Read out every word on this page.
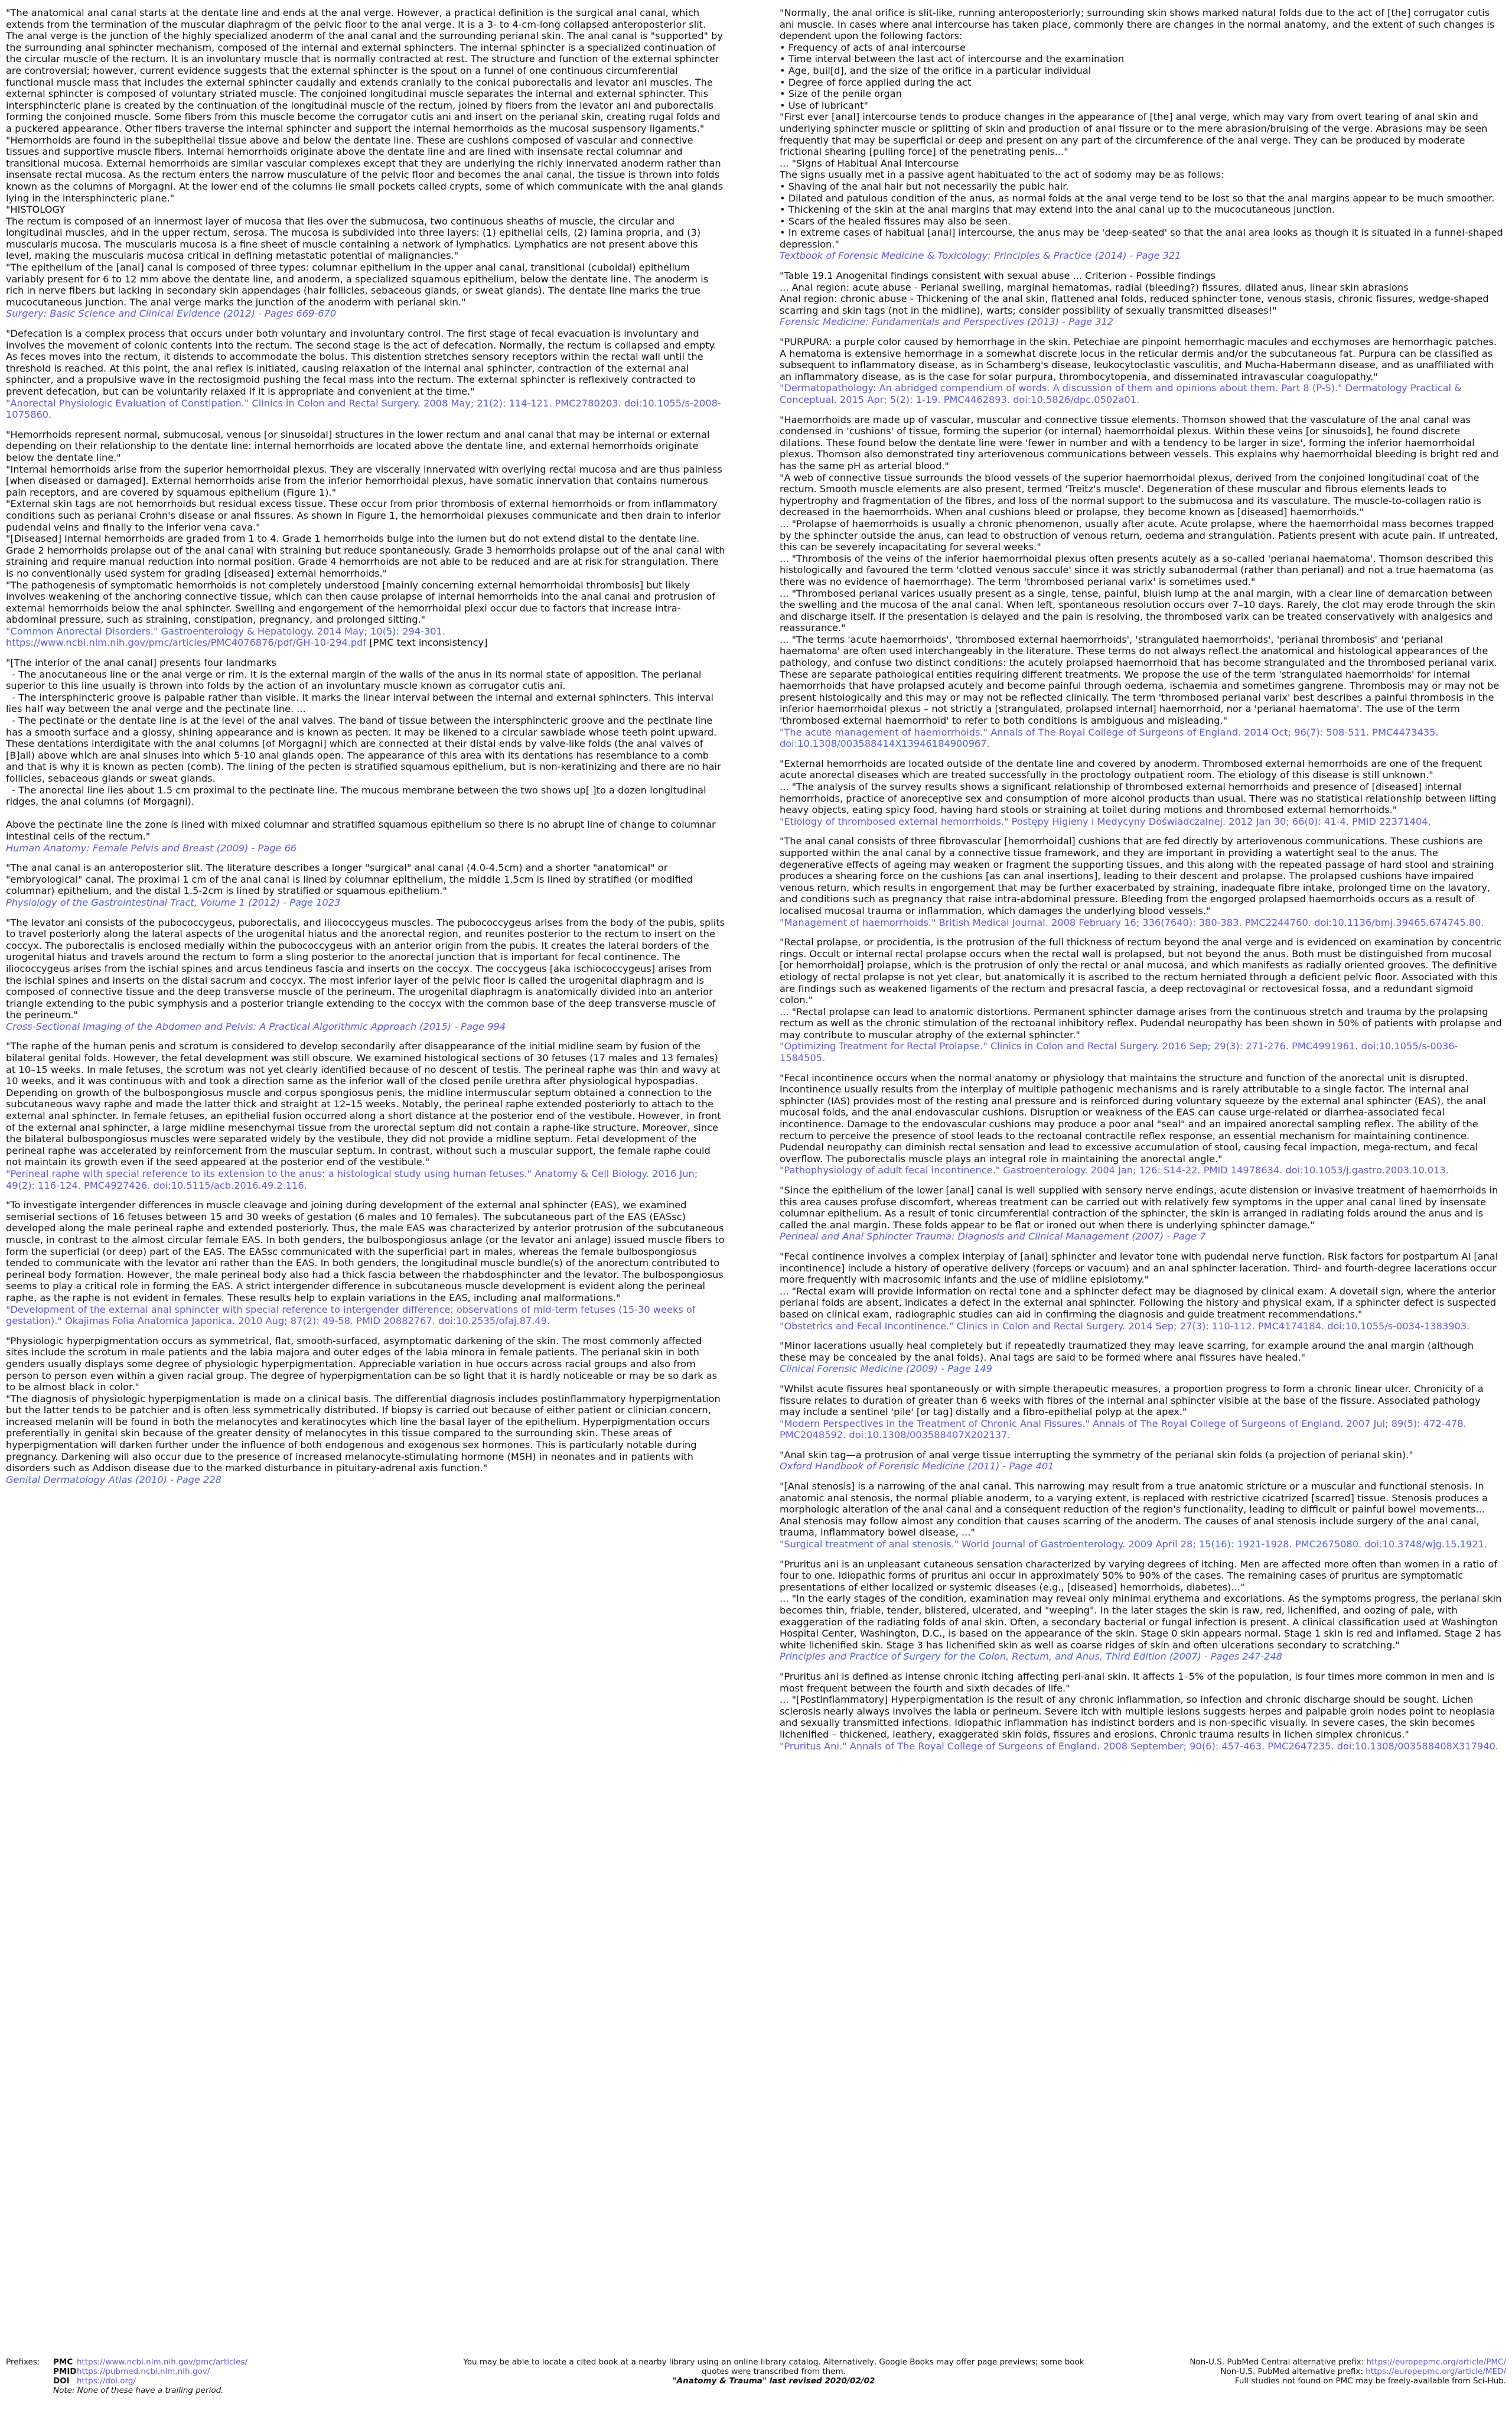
"The anatomical anal canal starts at the dentate line and ends at the anal verge. However, a practical definition is the surgical anal canal, which extends from the termination of the muscular diaphragm of the pelvic floor to the anal verge. It is a 3- to 4-cm-long collapsed anteroposterior slit. The anal verge is the junction of the highly specialized anoderm of the anal canal and the surrounding perianal skin. The anal canal is "supported" by the surrounding anal sphincter mechanism, composed of the internal and external sphincters. The internal sphincter is a specialized continuation of the circular muscle of the rectum. It is an involuntary muscle that is normally contracted at rest. The structure and function of the external sphincter are controversial; however, current evidence suggests that the external sphincter is the spout on a funnel of one continuous circumferential functional muscle mass that includes the external sphincter caudally and extends cranially to the conical puborectalis and levator ani muscles. The external sphincter is composed of voluntary striated muscle. The conjoined longitudinal muscle separates the internal and external sphincter. This intersphincteric plane is created by the continuation of the longitudinal muscle of the rectum, joined by fibers from the levator ani and puborectalis forming the conjoined muscle. Some fibers from this muscle become the corrugator cutis ani and insert on the perianal skin, creating rugal folds and a puckered appearance. Other fibers traverse the internal sphincter and support the internal hemorrhoids as the mucosal suspensory ligaments."
"Hemorrhoids are found in the subepithelial tissue above and below the dentate line. These are cushions composed of vascular and connective tissues and supportive muscle fibers. Internal hemorrhoids originate above the dentate line and are lined with insensate rectal columnar and transitional mucosa. External hemorrhoids are similar vascular complexes except that they are underlying the richly innervated anoderm rather than insensate rectal mucosa. As the rectum enters the narrow musculature of the pelvic floor and becomes the anal canal, the tissue is thrown into folds known as the columns of Morgagni. At the lower end of the columns lie small pockets called crypts, some of which communicate with the anal glands lying in the intersphincteric plane."
"HISTOLOGY
The rectum is composed of an innermost layer of mucosa that lies over the submucosa, two continuous sheaths of muscle, the circular and longitudinal muscles, and in the upper rectum, serosa. The mucosa is subdivided into three layers: (1) epithelial cells, (2) lamina propria, and (3) muscularis mucosa. The muscularis mucosa is a fine sheet of muscle containing a network of lymphatics. Lymphatics are not present above this level, making the muscularis mucosa critical in defining metastatic potential of malignancies."
"The epithelium of the [anal] canal is composed of three types: columnar epithelium in the upper anal canal, transitional (cuboidal) epithelium variably present for 6 to 12 mm above the dentate line, and anoderm, a specialized squamous epithelium, below the dentate line. The anoderm is rich in nerve fibers but lacking in secondary skin appendages (hair follicles, sebaceous glands, or sweat glands). The dentate line marks the true mucocutaneous junction. The anal verge marks the junction of the anoderm with perianal skin."
Surgery: Basic Science and Clinical Evidence (2012) - Pages 669-670
"Defecation is a complex process that occurs under both voluntary and involuntary control. The first stage of fecal evacuation is involuntary and involves the movement of colonic contents into the rectum. The second stage is the act of defecation. Normally, the rectum is collapsed and empty. As feces moves into the rectum, it distends to accommodate the bolus. This distention stretches sensory receptors within the rectal wall until the threshold is reached. At this point, the anal reflex is initiated, causing relaxation of the internal anal sphincter, contraction of the external anal sphincter, and a propulsive wave in the rectosigmoid pushing the fecal mass into the rectum. The external sphincter is reflexively contracted to prevent defecation, but can be voluntarily relaxed if it is appropriate and convenient at the time."
"Anorectal Physiologic Evaluation of Constipation." Clinics in Colon and Rectal Surgery. 2008 May; 21(2): 114-121. PMC2780203. doi:10.1055/s-2008-1075860.
"Hemorrhoids represent normal, submucosal, venous [or sinusoidal] structures in the lower rectum and anal canal that may be internal or external depending on their relationship to the dentate line: internal hemorrhoids are located above the dentate line, and external hemorrhoids originate below the dentate line."
"Internal hemorrhoids arise from the superior hemorrhoidal plexus. They are viscerally innervated with overlying rectal mucosa and are thus painless [when diseased or damaged]. External hemorrhoids arise from the inferior hemorrhoidal plexus, have somatic innervation that contains numerous pain receptors, and are covered by squamous epithelium (Figure 1)."
"External skin tags are not hemorrhoids but residual excess tissue. These occur from prior thrombosis of external hemorrhoids or from inflammatory conditions such as perianal Crohn's disease or anal fissures. As shown in Figure 1, the hemorrhoidal plexuses communicate and then drain to inferior pudendal veins and finally to the inferior vena cava."
"[Diseased] Internal hemorrhoids are graded from 1 to 4. Grade 1 hemorrhoids bulge into the lumen but do not extend distal to the dentate line. Grade 2 hemorrhoids prolapse out of the anal canal with straining but reduce spontaneously. Grade 3 hemorrhoids prolapse out of the anal canal with straining and require manual reduction into normal position. Grade 4 hemorrhoids are not able to be reduced and are at risk for strangulation. There is no conventionally used system for grading [diseased] external hemorrhoids."
"The pathogenesis of symptomatic hemorrhoids is not completely understood [mainly concerning external hemorrhoidal thrombosis] but likely involves weakening of the anchoring connective tissue, which can then cause prolapse of internal hemorrhoids into the anal canal and protrusion of external hemorrhoids below the anal sphincter. Swelling and engorgement of the hemorrhoidal plexi occur due to factors that increase intra-abdominal pressure, such as straining, constipation, pregnancy, and prolonged sitting."
"Common Anorectal Disorders." Gastroenterology & Hepatology. 2014 May; 10(5): 294-301.
https://www.ncbi.nlm.nih.gov/pmc/articles/PMC4076876/pdf/GH-10-294.pdf [PMC text inconsistency]
"[The interior of the anal canal] presents four landmarks
- The anocutaneous line or the anal verge or rim. It is the external margin of the walls of the anus in its normal state of apposition. The perianal superior to this line usually is thrown into folds by the action of an involuntary muscle known as corrugator cutis ani.
- The intersphincteric groove is palpable rather than visible. It marks the linear interval between the internal and external sphincters. This interval lies half way between the anal verge and the pectinate line. ...
- The pectinate or the dentate line is at the level of the anal valves. The band of tissue between the intersphincteric groove and the pectinate line has a smooth surface and a glossy, shining appearance and is known as pecten. It may be likened to a circular sawblade whose teeth point upward. These dentations interdigitate with the anal columns [of Morgagni] which are connected at their distal ends by valve-like folds (the anal valves of [B]all) above which are anal sinuses into which 5-10 anal glands open. The appearance of this area with its dentations has resemblance to a comb and that is why it is known as pecten (comb). The lining of the pecten is stratified squamous epithelium, but is non-keratinizing and there are no hair follicles, sebaceous glands or sweat glands.
- The anorectal line lies about 1.5 cm proximal to the pectinate line. The mucous membrane between the two shows up[ ]to a dozen longitudinal ridges, the anal columns (of Morgagni).

Above the pectinate line the zone is lined with mixed columnar and stratified squamous epithelium so there is no abrupt line of change to columnar intestinal cells of the rectum."
Human Anatomy: Female Pelvis and Breast (2009) - Page 66
"The anal canal is an anteroposterior slit. The literature describes a longer "surgical" anal canal (4.0-4.5cm) and a shorter "anatomical" or "embryological" canal. The proximal 1 cm of the anal canal is lined by columnar epithelium, the middle 1.5cm is lined by stratified (or modified columnar) epithelium, and the distal 1.5-2cm is lined by stratified or squamous epithelium."
Physiology of the Gastrointestinal Tract, Volume 1 (2012) - Page 1023
"The levator ani consists of the pubococcygeus, puborectalis, and iliococcygeus muscles. The pubococcygeus arises from the body of the pubis, splits to travel posteriorly along the lateral aspects of the urogenital hiatus and the anorectal region, and reunites posterior to the rectum to insert on the coccyx. The puborectalis is enclosed medially within the pubococcygeus with an anterior origin from the pubis. It creates the lateral borders of the urogenital hiatus and travels around the rectum to form a sling posterior to the anorectal junction that is important for fecal continence. The iliococcygeus arises from the ischial spines and arcus tendineus fascia and inserts on the coccyx. The coccygeus [aka ischiococcygeus] arises from the ischial spines and inserts on the distal sacrum and coccyx. The most inferior layer of the pelvic floor is called the urogenital diaphragm and is composed of connective tissue and the deep transverse muscle of the perineum. The urogenital diaphragm is anatomically divided into an anterior triangle extending to the pubic symphysis and a posterior triangle extending to the coccyx with the common base of the deep transverse muscle of the perineum."
Cross-Sectional Imaging of the Abdomen and Pelvis: A Practical Algorithmic Approach (2015) - Page 994
"The raphe of the human penis and scrotum is considered to develop secondarily after disappearance of the initial midline seam by fusion of the bilateral genital folds. However, the fetal development was still obscure. We examined histological sections of 30 fetuses (17 males and 13 females) at 10–15 weeks. In male fetuses, the scrotum was not yet clearly identified because of no descent of testis. The perineal raphe was thin and wavy at 10 weeks, and it was continuous with and took a direction same as the inferior wall of the closed penile urethra after physiological hypospadias. Depending on growth of the bulbospongiosus muscle and corpus spongiosus penis, the midline intermuscular septum obtained a connection to the subcutaneous wavy raphe and made the latter thick and straight at 12–15 weeks. Notably, the perineal raphe extended posteriorly to attach to the external anal sphincter. In female fetuses, an epithelial fusion occurred along a short distance at the posterior end of the vestibule. However, in front of the external anal sphincter, a large midline mesenchymal tissue from the urorectal septum did not contain a raphe-like structure. Moreover, since the bilateral bulbospongiosus muscles were separated widely by the vestibule, they did not provide a midline septum. Fetal development of the perineal raphe was accelerated by reinforcement from the muscular septum. In contrast, without such a muscular support, the female raphe could not maintain its growth even if the seed appeared at the posterior end of the vestibule."
"Perineal raphe with special reference to its extension to the anus: a histological study using human fetuses." Anatomy & Cell Biology. 2016 Jun; 49(2): 116-124. PMC4927426. doi:10.5115/acb.2016.49.2.116.
"To investigate intergender differences in muscle cleavage and joining during development of the external anal sphincter (EAS), we examined semiserial sections of 16 fetuses between 15 and 30 weeks of gestation (6 males and 10 females). The subcutaneous part of the EAS (EASsc) developed along the male perineal raphe and extended posteriorly. Thus, the male EAS was characterized by anterior protrusion of the subcutaneous muscle, in contrast to the almost circular female EAS. In both genders, the bulbospongiosus anlage (or the levator ani anlage) issued muscle fibers to form the superficial (or deep) part of the EAS. The EASsc communicated with the superficial part in males, whereas the female bulbospongiosus tended to communicate with the levator ani rather than the EAS. In both genders, the longitudinal muscle bundle(s) of the anorectum contributed to perineal body formation. However, the male perineal body also had a thick fascia between the rhabdosphincter and the levator. The bulbospongiosus seems to play a critical role in forming the EAS. A strict intergender difference in subcutaneous muscle development is evident along the perineal raphe, as the raphe is not evident in females. These results help to explain variations in the EAS, including anal malformations."
"Development of the external anal sphincter with special reference to intergender difference: observations of mid-term fetuses (15-30 weeks of gestation)." Okajimas Folia Anatomica Japonica. 2010 Aug; 87(2): 49-58. PMID 20882767. doi:10.2535/ofaj.87.49.
"Physiologic hyperpigmentation occurs as symmetrical, flat, smooth-surfaced, asymptomatic darkening of the skin. The most commonly affected sites include the scrotum in male patients and the labia majora and outer edges of the labia minora in female patients. The perianal skin in both genders usually displays some degree of physiologic hyperpigmentation. Appreciable variation in hue occurs across racial groups and also from person to person even within a given racial group. The degree of hyperpigmentation can be so light that it is hardly noticeable or may be so dark as to be almost black in color."
"The diagnosis of physiologic hyperpigmentation is made on a clinical basis. The differential diagnosis includes postinflammatory hyperpigmentation but the latter tends to be patchier and is often less symmetrically distributed. If biopsy is carried out because of either patient or clinician concern, increased melanin will be found in both the melanocytes and keratinocytes which line the basal layer of the epithelium. Hyperpigmentation occurs preferentially in genital skin because of the greater density of melanocytes in this tissue compared to the surrounding skin. These areas of hyperpigmentation will darken further under the influence of both endogenous and exogenous sex hormones. This is particularly notable during pregnancy. Darkening will also occur due to the presence of increased melanocyte-stimulating hormone (MSH) in neonates and in patients with disorders such as Addison disease due to the marked disturbance in pituitary-adrenal axis function."
Genital Dermatology Atlas (2010) - Page 228
"Normally, the anal orifice is slit-like, running anteroposteriorly; surrounding skin shows marked natural folds due to the act of [the] corrugator cutis ani muscle. In cases where anal intercourse has taken place, commonly there are changes in the normal anatomy, and the extent of such changes is dependent upon the following factors:
• Frequency of acts of anal intercourse
• Time interval between the last act of intercourse and the examination
• Age, buil[d], and the size of the orifice in a particular individual
• Degree of force applied during the act
• Size of the penile organ
• Use of lubricant"
"First ever [anal] intercourse tends to produce changes in the appearance of [the] anal verge, which may vary from overt tearing of anal skin and underlying sphincter muscle or splitting of skin and production of anal fissure or to the mere abrasion/bruising of the verge. Abrasions may be seen frequently that may be superficial or deep and present on any part of the circumference of the anal verge. They can be produced by moderate frictional shearing [pulling force] of the penetrating penis..."
... "Signs of Habitual Anal Intercourse
The signs usually met in a passive agent habituated to the act of sodomy may be as follows:
• Shaving of the anal hair but not necessarily the pubic hair.
• Dilated and patulous condition of the anus, as normal folds at the anal verge tend to be lost so that the anal margins appear to be much smoother.
• Thickening of the skin at the anal margins that may extend into the anal canal up to the mucocutaneous junction.
• Scars of the healed fissures may also be seen.
• In extreme cases of habitual [anal] intercourse, the anus may be 'deep-seated' so that the anal area looks as though it is situated in a funnel-shaped depression."
Textbook of Forensic Medicine & Toxicology: Principles & Practice (2014) - Page 321
"Table 19.1 Anogenital findings consistent with sexual abuse ... Criterion - Possible findings
... Anal region: acute abuse - Perianal swelling, marginal hematomas, radial (bleeding?) fissures, dilated anus, linear skin abrasions
Anal region: chronic abuse - Thickening of the anal skin, flattened anal folds, reduced sphincter tone, venous stasis, chronic fissures, wedge-shaped scarring and skin tags (not in the midline), warts; consider possibility of sexually transmitted diseases!"
Forensic Medicine: Fundamentals and Perspectives (2013) - Page 312
"PURPURA: a purple color caused by hemorrhage in the skin. Petechiae are pinpoint hemorrhagic macules and ecchymoses are hemorrhagic patches. A hematoma is extensive hemorrhage in a somewhat discrete locus in the reticular dermis and/or the subcutaneous fat. Purpura can be classified as subsequent to inflammatory disease, as in Schamberg's disease, leukocytoclastic vasculitis, and Mucha-Habermann disease, and as unaffiliated with an inflammatory disease, as is the case for solar purpura, thrombocytopenia, and disseminated intravascular coagulopathy."
"Dermatopathology: An abridged compendium of words. A discussion of them and opinions about them. Part 8 (P-S)." Dermatology Practical & Conceptual. 2015 Apr; 5(2): 1-19. PMC4462893. doi:10.5826/dpc.0502a01.
"Haemorrhoids are made up of vascular, muscular and connective tissue elements. Thomson showed that the vasculature of the anal canal was condensed in 'cushions' of tissue, forming the superior (or internal) haemorrhoidal plexus. Within these veins [or sinusoids], he found discrete dilations. These found below the dentate line were 'fewer in number and with a tendency to be larger in size', forming the inferior haemorrhoidal plexus. Thomson also demonstrated tiny arteriovenous communications between vessels. This explains why haemorrhoidal bleeding is bright red and has the same pH as arterial blood."
"A web of connective tissue surrounds the blood vessels of the superior haemorrhoidal plexus, derived from the conjoined longitudinal coat of the rectum. Smooth muscle elements are also present, termed 'Treitz's muscle'. Degeneration of these muscular and fibrous elements leads to hypertrophy and fragmentation of the fibres, and loss of the normal support to the submucosa and its vasculature. The muscle-to-collagen ratio is decreased in the haemorrhoids. When anal cushions bleed or prolapse, they become known as [diseased] haemorrhoids."
... "Prolapse of haemorrhoids is usually a chronic phenomenon, usually after acute. Acute prolapse, where the haemorrhoidal mass becomes trapped by the sphincter outside the anus, can lead to obstruction of venous return, oedema and strangulation. Patients present with acute pain. If untreated, this can be severely incapacitating for several weeks."
... "Thrombosis of the veins of the inferior haemorrhoidal plexus often presents acutely as a so-called 'perianal haematoma'. Thomson described this histologically and favoured the term 'clotted venous saccule' since it was strictly subanodermal (rather than perianal) and not a true haematoma (as there was no evidence of haemorrhage). The term 'thrombosed perianal varix' is sometimes used."
... "Thrombosed perianal varices usually present as a single, tense, painful, bluish lump at the anal margin, with a clear line of demarcation between the swelling and the mucosa of the anal canal. When left, spontaneous resolution occurs over 7–10 days. Rarely, the clot may erode through the skin and discharge itself. If the presentation is delayed and the pain is resolving, the thrombosed varix can be treated conservatively with analgesics and reassurance."
... "The terms 'acute haemorrhoids', 'thrombosed external haemorrhoids', 'strangulated haemorrhoids', 'perianal thrombosis' and 'perianal haematoma' are often used interchangeably in the literature. These terms do not always reflect the anatomical and histological appearances of the pathology, and confuse two distinct conditions: the acutely prolapsed haemorrhoid that has become strangulated and the thrombosed perianal varix. These are separate pathological entities requiring different treatments. We propose the use of the term 'strangulated haemorrhoids' for internal haemorrhoids that have prolapsed acutely and become painful through oedema, ischaemia and sometimes gangrene. Thrombosis may or may not be present histologically and this may or may not be reflected clinically. The term 'thrombosed perianal varix' best describes a painful thrombosis in the inferior haemorrhoidal plexus – not strictly a [strangulated, prolapsed internal] haemorrhoid, nor a 'perianal haematoma'. The use of the term 'thrombosed external haemorrhoid' to refer to both conditions is ambiguous and misleading."
"The acute management of haemorrhoids." Annals of The Royal College of Surgeons of England. 2014 Oct; 96(7): 508-511. PMC4473435. doi:10.1308/003588414X13946184900967.
"External hemorrhoids are located outside of the dentate line and covered by anoderm. Thrombosed external hemorrhoids are one of the frequent acute anorectal diseases which are treated successfully in the proctology outpatient room. The etiology of this disease is still unknown."
... "The analysis of the survey results shows a significant relationship of thrombosed external hemorrhoids and presence of [diseased] internal hemorrhoids, practice of anoreceptive sex and consumption of more alcohol products than usual. There was no statistical relationship between lifting heavy objects, eating spicy food, having hard stools or straining at toilet during motions and thrombosed external hemorrhoids."
"Etiology of thrombosed external hemorrhoids." Postępy Higieny i Medycyny Doświadczalnej. 2012 Jan 30; 66(0): 41-4. PMID 22371404.
"The anal canal consists of three fibrovascular [hemorrhoidal] cushions that are fed directly by arteriovenous communications. These cushions are supported within the anal canal by a connective tissue framework, and they are important in providing a watertight seal to the anus. The degenerative effects of ageing may weaken or fragment the supporting tissues, and this along with the repeated passage of hard stool and straining produces a shearing force on the cushions [as can anal insertions], leading to their descent and prolapse. The prolapsed cushions have impaired venous return, which results in engorgement that may be further exacerbated by straining, inadequate fibre intake, prolonged time on the lavatory, and conditions such as pregnancy that raise intra-abdominal pressure. Bleeding from the engorged prolapsed haemorrhoids occurs as a result of localised mucosal trauma or inflammation, which damages the underlying blood vessels."
"Management of haemorrhoids." British Medical Journal. 2008 February 16; 336(7640): 380-383. PMC2244760. doi:10.1136/bmj.39465.674745.80.
"Rectal prolapse, or procidentia, is the protrusion of the full thickness of rectum beyond the anal verge and is evidenced on examination by concentric rings. Occult or internal rectal prolapse occurs when the rectal wall is prolapsed, but not beyond the anus. Both must be distinguished from mucosal [or hemorrhoidal] prolapse, which is the protrusion of only the rectal or anal mucosa, and which manifests as radially oriented grooves. The definitive etiology of rectal prolapse is not yet clear, but anatomically it is ascribed to the rectum herniated through a deficient pelvic floor. Associated with this are findings such as weakened ligaments of the rectum and presacral fascia, a deep rectovaginal or rectovesical fossa, and a redundant sigmoid colon."
... "Rectal prolapse can lead to anatomic distortions. Permanent sphincter damage arises from the continuous stretch and trauma by the prolapsing rectum as well as the chronic stimulation of the rectoanal inhibitory reflex. Pudendal neuropathy has been shown in 50% of patients with prolapse and may contribute to muscular atrophy of the external sphincter."
"Optimizing Treatment for Rectal Prolapse." Clinics in Colon and Rectal Surgery. 2016 Sep; 29(3): 271-276. PMC4991961. doi:10.1055/s-0036-1584505.
"Fecal incontinence occurs when the normal anatomy or physiology that maintains the structure and function of the anorectal unit is disrupted. Incontinence usually results from the interplay of multiple pathogenic mechanisms and is rarely attributable to a single factor. The internal anal sphincter (IAS) provides most of the resting anal pressure and is reinforced during voluntary squeeze by the external anal sphincter (EAS), the anal mucosal folds, and the anal endovascular cushions. Disruption or weakness of the EAS can cause urge-related or diarrhea-associated fecal incontinence. Damage to the endovascular cushions may produce a poor anal "seal" and an impaired anorectal sampling reflex. The ability of the rectum to perceive the presence of stool leads to the rectoanal contractile reflex response, an essential mechanism for maintaining continence. Pudendal neuropathy can diminish rectal sensation and lead to excessive accumulation of stool, causing fecal impaction, mega-rectum, and fecal overflow. The puborectalis muscle plays an integral role in maintaining the anorectal angle."
"Pathophysiology of adult fecal incontinence." Gastroenterology. 2004 Jan; 126: S14-22. PMID 14978634. doi:10.1053/j.gastro.2003.10.013.
"Since the epithelium of the lower [anal] canal is well supplied with sensory nerve endings, acute distension or invasive treatment of haemorrhoids in this area causes profuse discomfort, whereas treatment can be carried out with relatively few symptoms in the upper anal canal lined by insensate columnar epithelium. As a result of tonic circumferential contraction of the sphincter, the skin is arranged in radiating folds around the anus and is called the anal margin. These folds appear to be flat or ironed out when there is underlying sphincter damage."
Perineal and Anal Sphincter Trauma: Diagnosis and Clinical Management (2007) - Page 7
"Fecal continence involves a complex interplay of [anal] sphincter and levator tone with pudendal nerve function. Risk factors for postpartum AI [anal incontinence] include a history of operative delivery (forceps or vacuum) and an anal sphincter laceration. Third- and fourth-degree lacerations occur more frequently with macrosomic infants and the use of midline episiotomy."
... "Rectal exam will provide information on rectal tone and a sphincter defect may be diagnosed by clinical exam. A dovetail sign, where the anterior perianal folds are absent, indicates a defect in the external anal sphincter. Following the history and physical exam, if a sphincter defect is suspected based on clinical exam, radiographic studies can aid in confirming the diagnosis and guide treatment recommendations."
"Obstetrics and Fecal Incontinence." Clinics in Colon and Rectal Surgery. 2014 Sep; 27(3): 110-112. PMC4174184. doi:10.1055/s-0034-1383903.
"Minor lacerations usually heal completely but if repeatedly traumatized they may leave scarring, for example around the anal margin (although these may be concealed by the anal folds). Anal tags are said to be formed where anal fissures have healed."
Clinical Forensic Medicine (2009) - Page 149
"Whilst acute fissures heal spontaneously or with simple therapeutic measures, a proportion progress to form a chronic linear ulcer. Chronicity of a fissure relates to duration of greater than 6 weeks with fibres of the internal anal sphincter visible at the base of the fissure. Associated pathology may include a sentinel 'pile' [or tag] distally and a fibro-epithelial polyp at the apex."
"Modern Perspectives in the Treatment of Chronic Anal Fissures." Annals of The Royal College of Surgeons of England. 2007 Jul; 89(5): 472-478. PMC2048592. doi:10.1308/003588407X202137.
"Anal skin tag—a protrusion of anal verge tissue interrupting the symmetry of the perianal skin folds (a projection of perianal skin)."
Oxford Handbook of Forensic Medicine (2011) - Page 401
"[Anal stenosis] is a narrowing of the anal canal. This narrowing may result from a true anatomic stricture or a muscular and functional stenosis. In anatomic anal stenosis, the normal pliable anoderm, to a varying extent, is replaced with restrictive cicatrized [scarred] tissue. Stenosis produces a morphologic alteration of the anal canal and a consequent reduction of the region's functionality, leading to difficult or painful bowel movements... Anal stenosis may follow almost any condition that causes scarring of the anoderm. The causes of anal stenosis include surgery of the anal canal, trauma, inflammatory bowel disease, ..."
"Surgical treatment of anal stenosis." World Journal of Gastroenterology. 2009 April 28; 15(16): 1921-1928. PMC2675080. doi:10.3748/wjg.15.1921.
"Pruritus ani is an unpleasant cutaneous sensation characterized by varying degrees of itching. Men are affected more often than women in a ratio of four to one. Idiopathic forms of pruritus ani occur in approximately 50% to 90% of the cases. The remaining cases of pruritus are symptomatic presentations of either localized or systemic diseases (e.g., [diseased] hemorrhoids, diabetes)..."
... "In the early stages of the condition, examination may reveal only minimal erythema and excoriations. As the symptoms progress, the perianal skin becomes thin, friable, tender, blistered, ulcerated, and "weeping". In the later stages the skin is raw, red, lichenified, and oozing of pale, with exaggeration of the radiating folds of anal skin. Often, a secondary bacterial or fungal infection is present. A clinical classification used at Washington Hospital Center, Washington, D.C., is based on the appearance of the skin. Stage 0 skin appears normal. Stage 1 skin is red and inflamed. Stage 2 has white lichenified skin. Stage 3 has lichenified skin as well as coarse ridges of skin and often ulcerations secondary to scratching."
Principles and Practice of Surgery for the Colon, Rectum, and Anus, Third Edition (2007) - Pages 247-248
"Pruritus ani is defined as intense chronic itching affecting peri-anal skin. It affects 1–5% of the population, is four times more common in men and is most frequent between the fourth and sixth decades of life."
... "[Postinflammatory] Hyperpigmentation is the result of any chronic inflammation, so infection and chronic discharge should be sought. Lichen sclerosis nearly always involves the labia or perineum. Severe itch with multiple lesions suggests herpes and palpable groin nodes point to neoplasia and sexually transmitted infections. Idiopathic inflammation has indistinct borders and is non-specific visually. In severe cases, the skin becomes lichenified – thickened, leathery, exaggerated skin folds, fissures and erosions. Chronic trauma results in lichen simplex chronicus."
"Pruritus Ani." Annals of The Royal College of Surgeons of England. 2008 September; 90(6): 457-463. PMC2647235. doi:10.1308/003588408X317940.
Prefixes: PMC https://www.ncbi.nlm.nih.gov/pmc/articles/
PMIDhttps://pubmed.ncbi.nlm.nih.gov/
DOI https://doi.org/
Note: None of these have a trailing period.
You may be able to locate a cited book at a nearby library using an online library catalog. Alternatively, Google Books may offer page previews; some book
quotes were transcribed from them.
"Anatomy & Trauma" last revised 2020/02/02
Non-U.S. PubMed Central alternative prefix: https://europepmc.org/article/PMC/
Non-U.S. PubMed alternative prefix: https://europepmc.org/article/MED/
Full studies not found on PMC may be freely-available from Sci-Hub.
